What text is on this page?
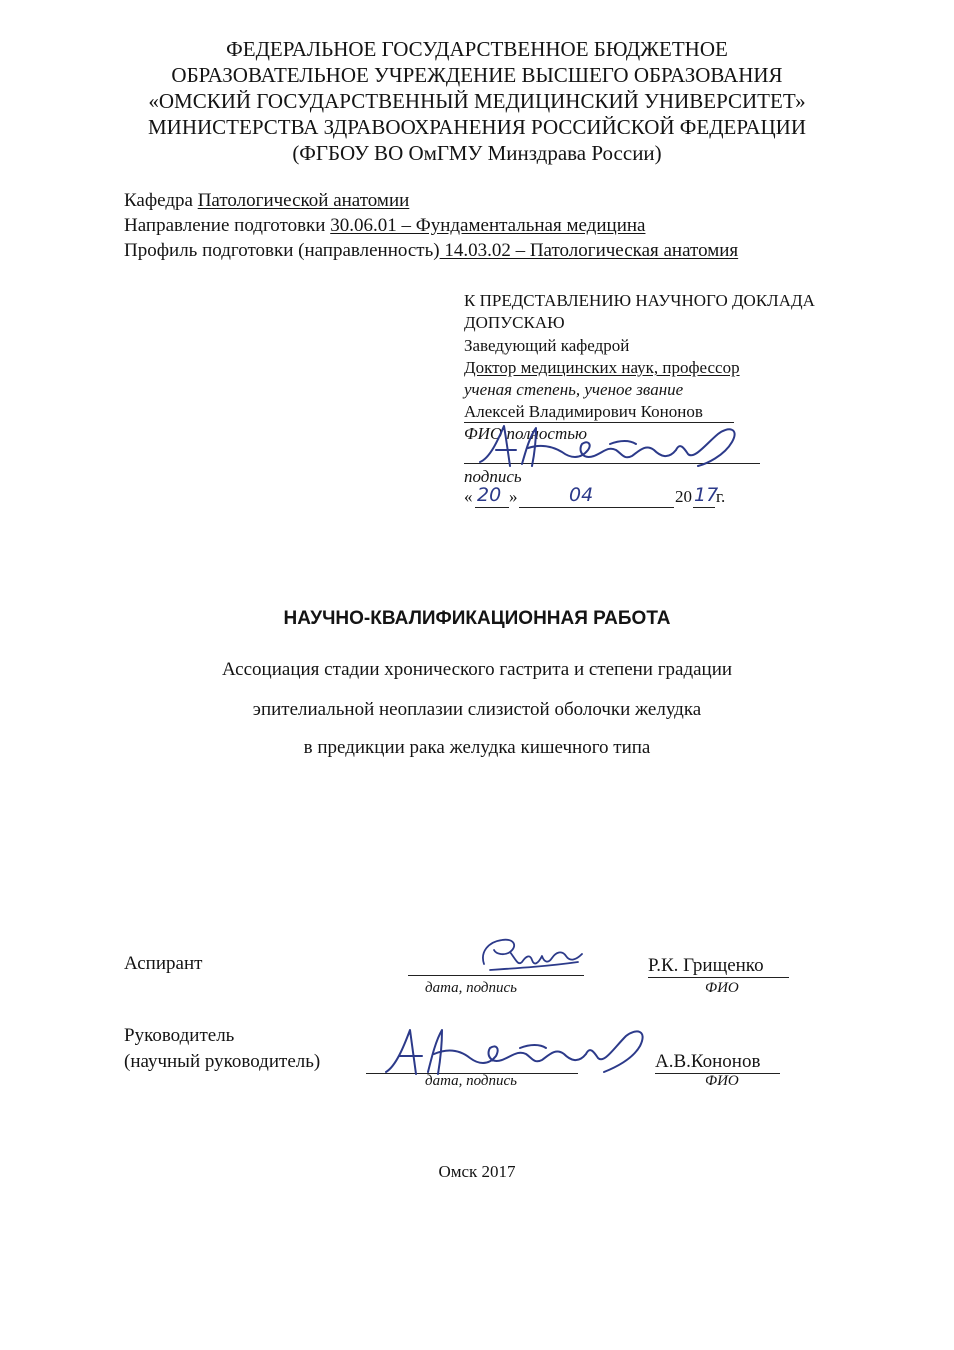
ФЕДЕРАЛЬНОЕ ГОСУДАРСТВЕННОЕ БЮДЖЕТНОЕ
ОБРАЗОВАТЕЛЬНОЕ УЧРЕЖДЕНИЕ ВЫСШЕГО ОБРАЗОВАНИЯ
«ОМСКИЙ ГОСУДАРСТВЕННЫЙ МЕДИЦИНСКИЙ УНИВЕРСИТЕТ»
МИНИСТЕРСТВА ЗДРАВООХРАНЕНИЯ РОССИЙСКОЙ ФЕДЕРАЦИИ
(ФГБОУ ВО ОмГМУ Минздрава России)
Кафедра Патологической анатомии
Направление подготовки 30.06.01 – Фундаментальная медицина
Профиль подготовки (направленность) 14.03.02 – Патологическая анатомия
К ПРЕДСТАВЛЕНИЮ НАУЧНОГО ДОКЛАДА
ДОПУСКАЮ
Заведующий кафедрой
Доктор медицинских наук, профессор
ученая степень, ученое звание
Алексей Владимирович Кононов
ФИО полностью
подпись
« 20 »	04	20 17
г.
НАУЧНО-КВАЛИФИКАЦИОННАЯ РАБОТА
Ассоциация стадии хронического гастрита и степени градации
эпителиальной неоплазии слизистой оболочки желудка
в предикции рака желудка кишечного типа
Аспирант
дата, подпись
Р.К. Грищенко
ФИО
Руководитель
(научный руководитель)
дата, подпись
А.В.Кононов
ФИО
Омск 2017
